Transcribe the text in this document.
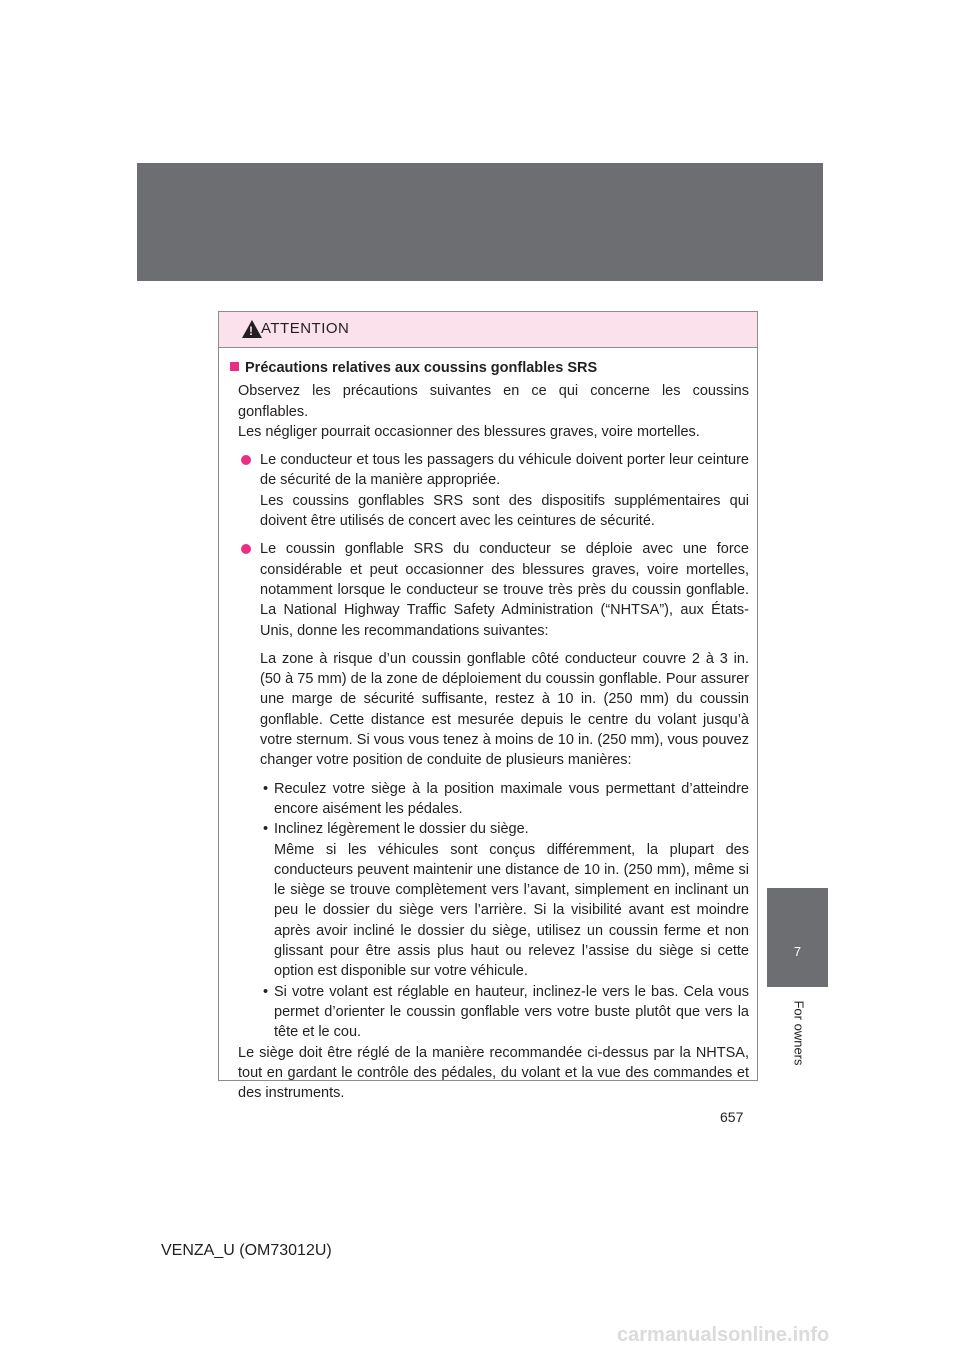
7
For owners
!
ATTENTION
Précautions relatives aux coussins gonflables SRS
Observez les précautions suivantes en ce qui concerne les coussins gonflables.
Les négliger pourrait occasionner des blessures graves, voire mortelles.

Le conducteur et tous les passagers du véhicule doivent porter leur ceinture de sécurité de la manière appropriée.

Les coussins gonflables SRS sont des dispositifs supplémentaires qui doivent être utilisés de concert avec les ceintures de sécurité.

Le coussin gonflable SRS du conducteur se déploie avec une force considérable et peut occasionner des blessures graves, voire mortelles, notamment lorsque le conducteur se trouve très près du coussin gonflable. La National Highway Traffic Safety Administration (“NHTSA”), aux États-Unis, donne les recommandations suivantes:

La zone à risque d’un coussin gonflable côté conducteur couvre 2 à 3 in. (50 à 75 mm) de la zone de déploiement du coussin gonflable. Pour assurer une marge de sécurité suffisante, restez à 10 in. (250 mm) du coussin gonflable. Cette distance est mesurée depuis le centre du volant jusqu’à votre sternum. Si vous vous tenez à moins de 10 in. (250 mm), vous pouvez changer votre position de conduite de plusieurs manières:
• Reculez votre siège à la position maximale vous permettant d’atteindre encore aisément les pédales.

• Inclinez légèrement le dossier du siège.

Même si les véhicules sont conçus différemment, la plupart des conducteurs peuvent maintenir une distance de 10 in. (250 mm), même si le siège se trouve complètement vers l’avant, simplement en inclinant un peu le dossier du siège vers l’arrière. Si la visibilité avant est moindre après avoir incliné le dossier du siège, utilisez un coussin ferme et non glissant pour être assis plus haut ou relevez l’assise du siège si cette option est disponible sur votre véhicule.

• Si votre volant est réglable en hauteur, inclinez-le vers le bas. Cela vous permet d’orienter le coussin gonflable vers votre buste plutôt que vers la tête et le cou.

Le siège doit être réglé de la manière recommandée ci-dessus par la NHTSA, tout en gardant le contrôle des pédales, du volant et la vue des commandes et des instruments.
657
VENZA_U (OM73012U)
carmanualsonline.info
